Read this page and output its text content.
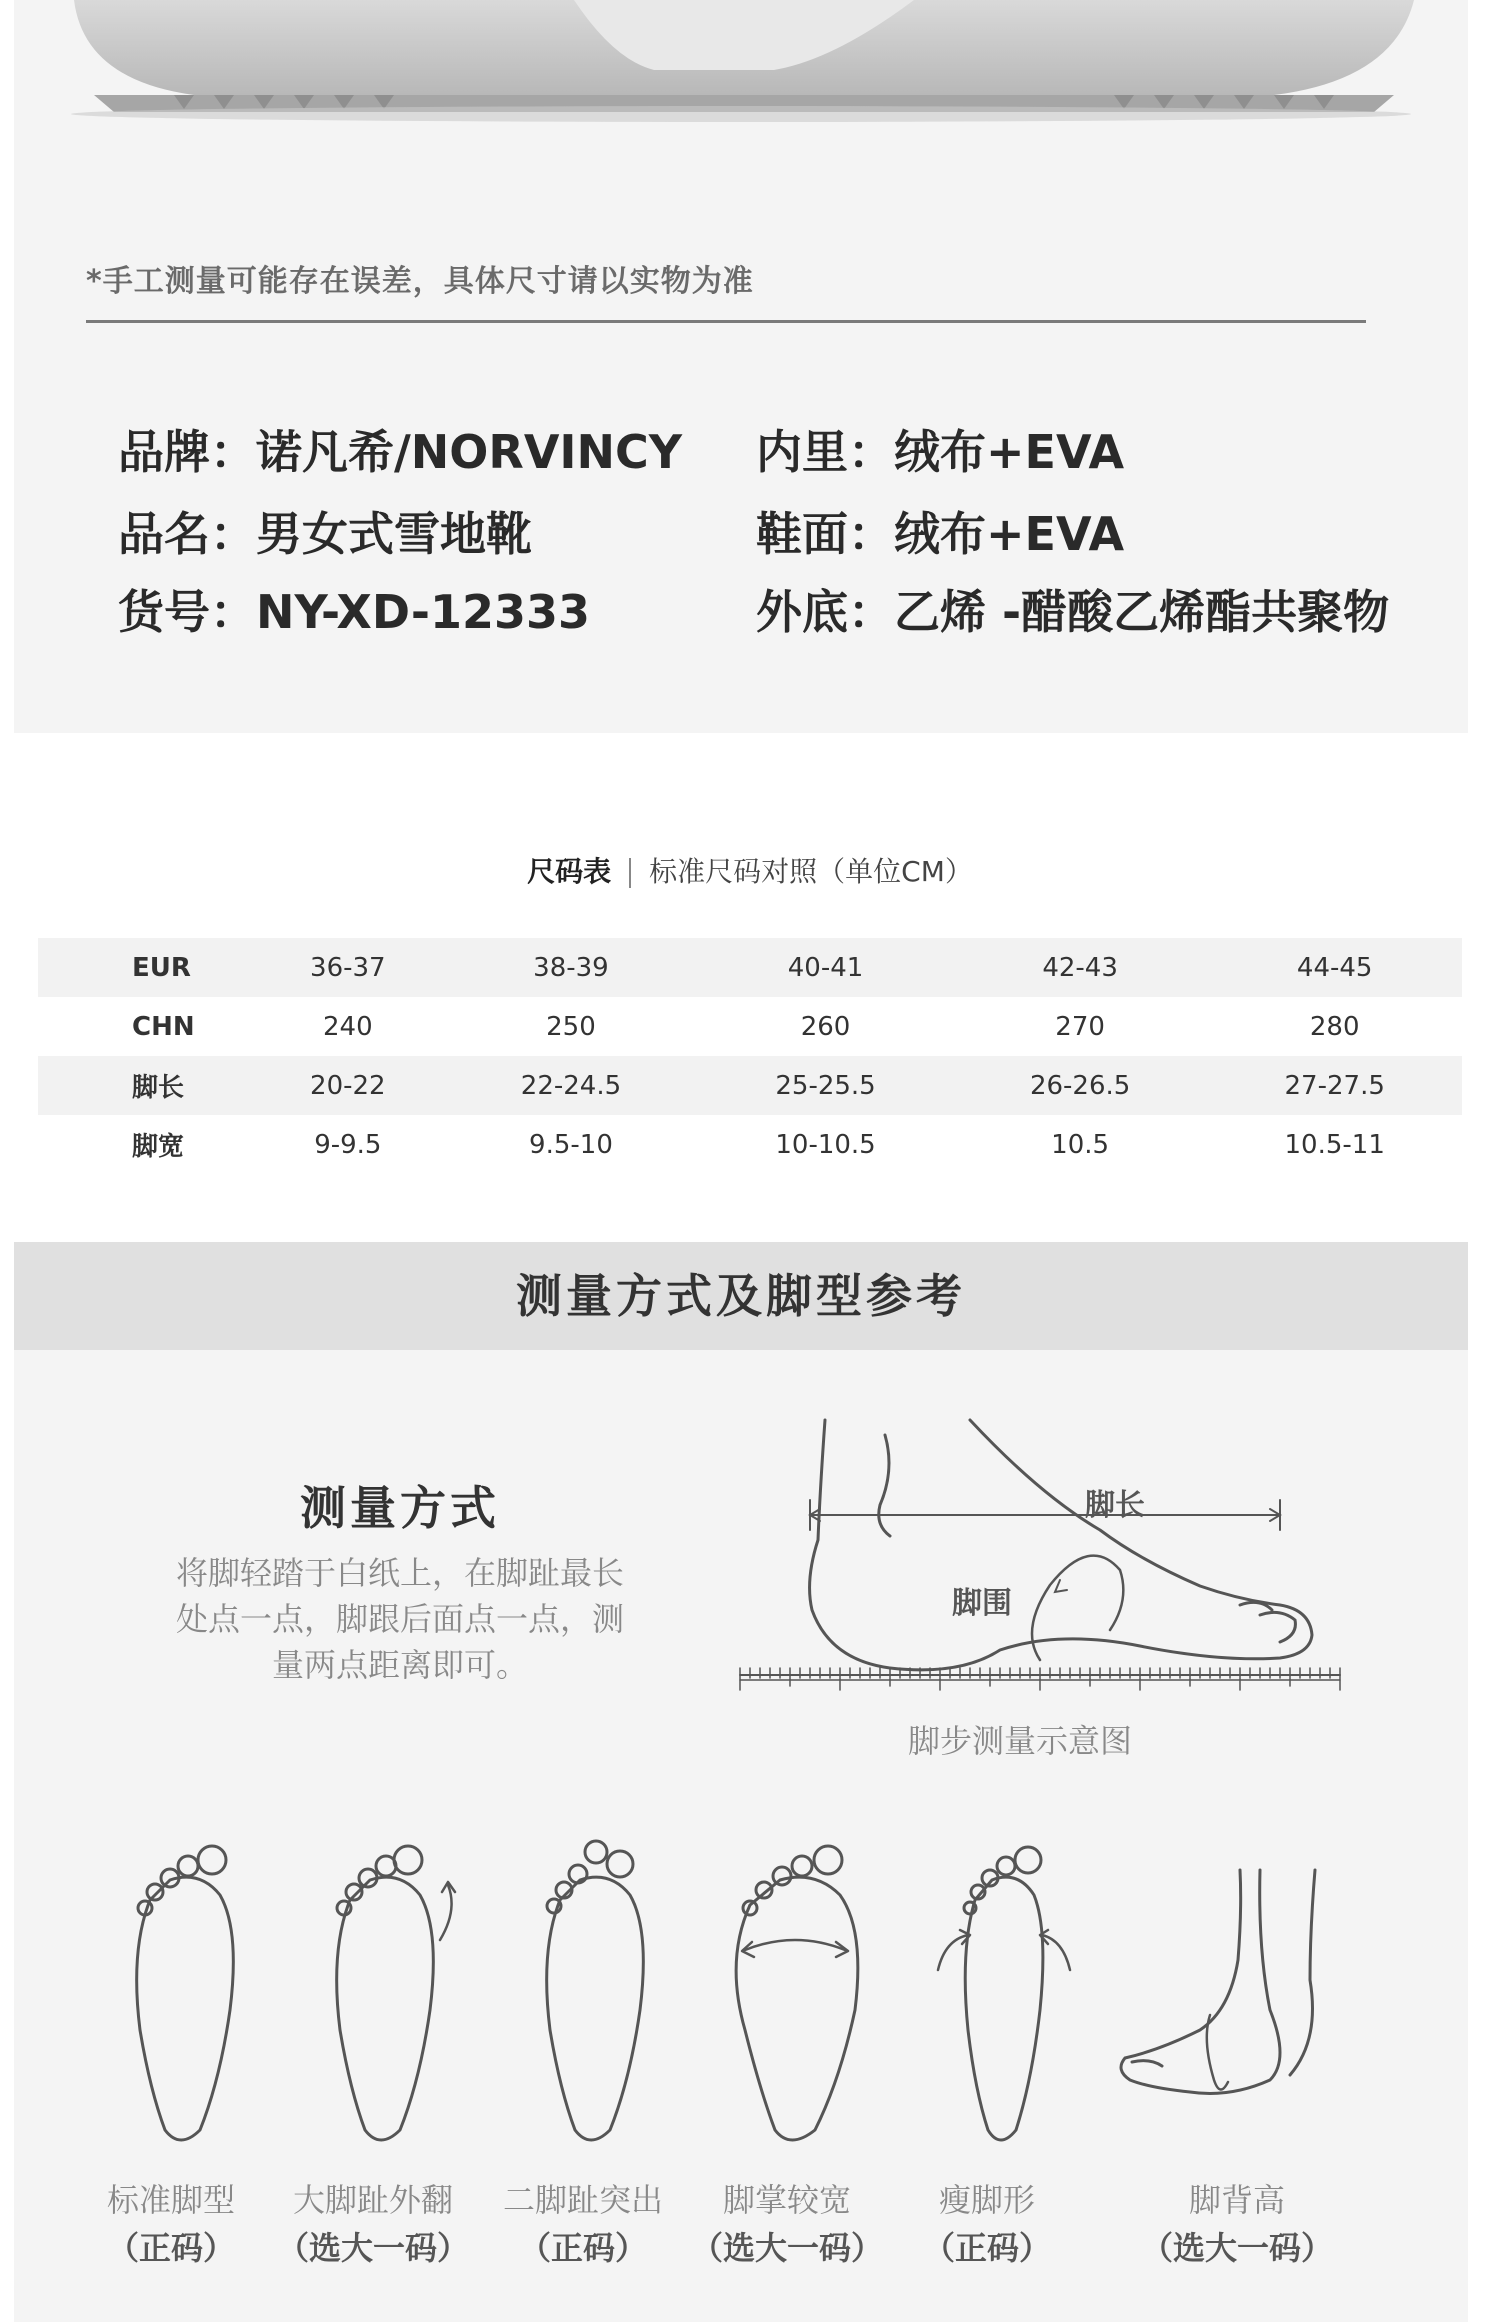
*手工测量可能存在误差，具体尺寸请以实物为准
品牌：诺凡希/NORVINCY
品名：男女式雪地靴
货号：NY-XD-12333
内里：绒布+EVA
鞋面：绒布+EVA
外底：乙烯 -醋酸乙烯酯共聚物
尺码表 标准尺码对照（单位CM）
EUR	36-37	38-39	40-41	42-43	44-45
CHN	240	250	260	270	280
脚长	20-22	22-24.5	25-25.5	26-26.5	27-27.5
脚宽	9-9.5	9.5-10	10-10.5	10.5	10.5-11
测量方式及脚型参考
测量方式
将脚轻踏于白纸上，在脚趾最长
处点一点，脚跟后面点一点，测
量两点距离即可。
脚长
脚围
脚步测量示意图
标准脚型
（正码）
大脚趾外翻
（选大一码）
二脚趾突出
（正码）
脚掌较宽
（选大一码）
瘦脚形
（正码）
脚背高
（选大一码）
